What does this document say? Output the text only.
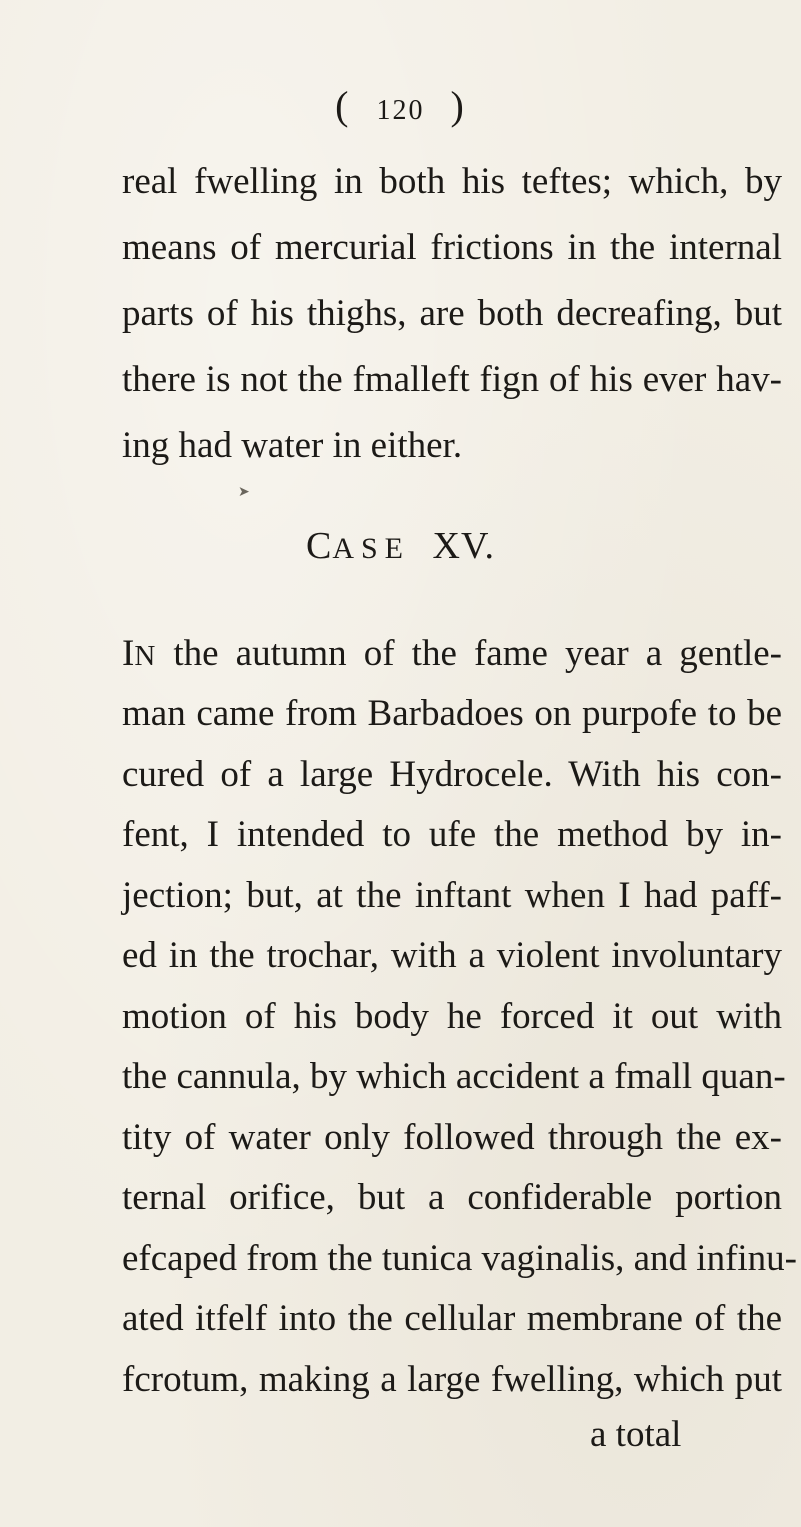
( 120 )
real fwelling in both his teftes; which, by
means of mercurial frictions in the internal
parts of his thighs, are both decreafing, but
there is not the fmalleft fign of his ever hav-
ing had water in either.
CASE XV.
IN the autumn of the fame year a gentle-
man came from Barbadoes on purpofe to be
cured of a large Hydrocele. With his con-
fent, I intended to ufe the method by in-
jection; but, at the inftant when I had paff-
ed in the trochar, with a violent involuntary
motion of his body he forced it out with
the cannula, by which accident a fmall quan-
tity of water only followed through the ex-
ternal orifice, but a confiderable portion
efcaped from the tunica vaginalis, and infinu-
ated itfelf into the cellular membrane of the
a total
➤
fcrotum, making a large fwelling, which put
